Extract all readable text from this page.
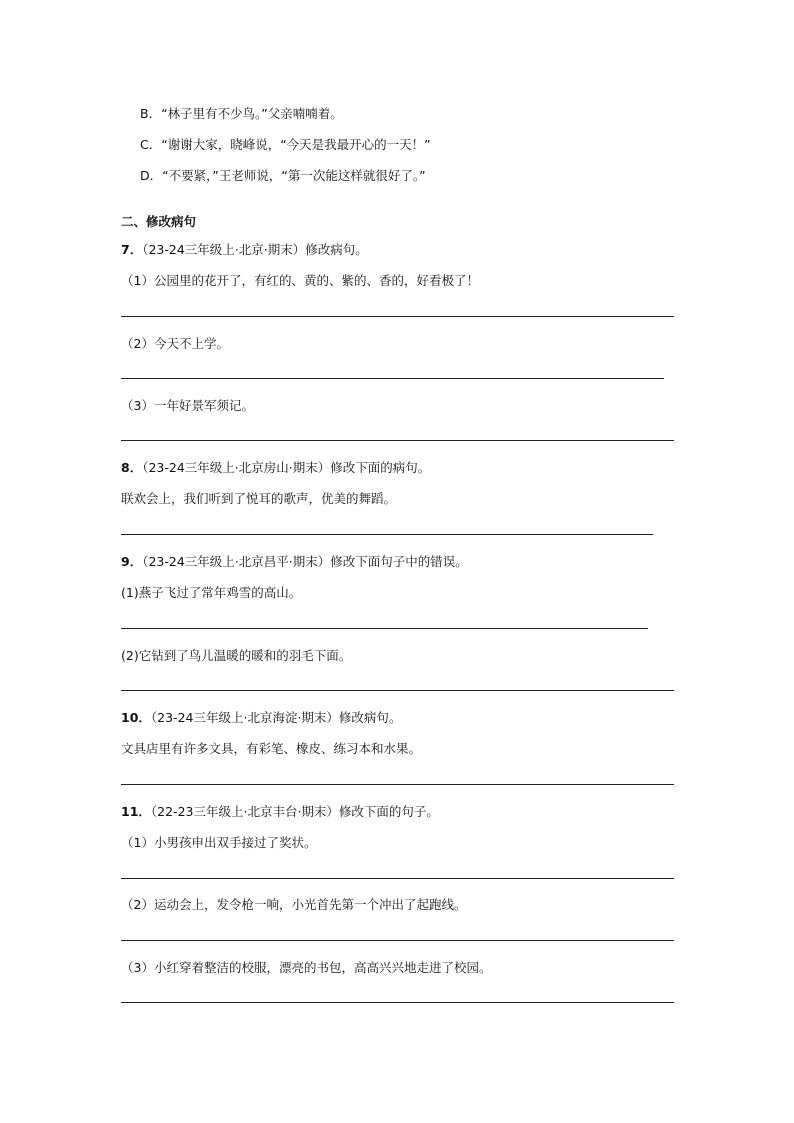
B．“林子里有不少鸟。”父亲喃喃着。
C．“谢谢大家，晓峰说，“今天是我最开心的一天！”
D．“不要紧，”王老师说，“第一次能这样就很好了。”
二、修改病句
7．（23-24三年级上·北京·期末）修改病句。
（1）公园里的花开了，有红的、黄的、紫的、香的，好看极了！
（2）今天不上学。
（3）一年好景军须记。
8．（23-24三年级上·北京房山·期末）修改下面的病句。
联欢会上，我们听到了悦耳的歌声，优美的舞蹈。
9．（23-24三年级上·北京昌平·期末）修改下面句子中的错误。
(1)燕子飞过了常年鸡雪的高山。
(2)它钻到了鸟儿温暖的暖和的羽毛下面。
10．（23-24三年级上·北京海淀·期末）修改病句。
文具店里有许多文具，有彩笔、橡皮、练习本和水果。
11．（22-23三年级上·北京丰台·期末）修改下面的句子。
（1）小男孩申出双手接过了奖状。
（2）运动会上，发令枪一响，小光首先第一个冲出了起跑线。
（3）小红穿着整洁的校服，漂亮的书包，高高兴兴地走进了校园。
